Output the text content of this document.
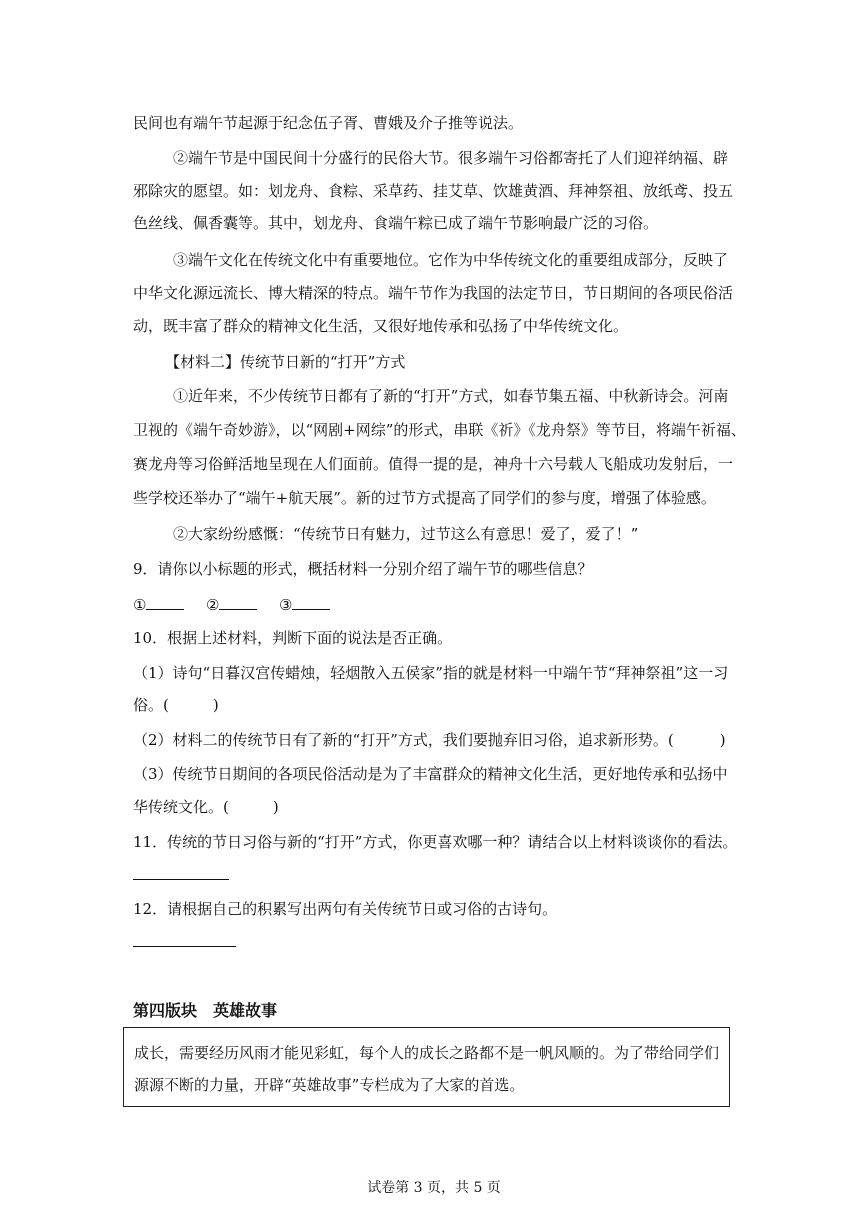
民间也有端午节起源于纪念伍子胥、曹娥及介子推等说法。
②端午节是中国民间十分盛行的民俗大节。很多端午习俗都寄托了人们迎祥纳福、辟
邪除灾的愿望。如：划龙舟、食粽、采草药、挂艾草、饮雄黄酒、拜神祭祖、放纸鸢、投五
色丝线、佩香囊等。其中，划龙舟、食端午粽已成了端午节影响最广泛的习俗。
③端午文化在传统文化中有重要地位。它作为中华传统文化的重要组成部分，反映了
中华文化源远流长、博大精深的特点。端午节作为我国的法定节日，节日期间的各项民俗活
动，既丰富了群众的精神文化生活，又很好地传承和弘扬了中华传统文化。
【材料二】传统节日新的“打开”方式
①近年来，不少传统节日都有了新的“打开”方式，如春节集五福、中秋新诗会。河南
卫视的《端午奇妙游》，以“网剧+网综”的形式，串联《祈》《龙舟祭》等节目，将端午祈福、
赛龙舟等习俗鲜活地呈现在人们面前。值得一提的是，神舟十六号载人飞船成功发射后，一
些学校还举办了“端午+航天展”。新的过节方式提高了同学们的参与度，增强了体验感。
②大家纷纷感慨：“传统节日有魅力，过节这么有意思！爱了，爱了！”
9．请你以小标题的形式，概括材料一分别介绍了端午节的哪些信息？
①	②	③
10．根据上述材料，判断下面的说法是否正确。
（1）诗句“日暮汉宫传蜡烛，轻烟散入五侯家”指的就是材料一中端午节“拜神祭祖”这一习
俗。(	)
（2）材料二的传统节日有了新的“打开”方式，我们要抛弃旧习俗，追求新形势。(	)
（3）传统节日期间的各项民俗活动是为了丰富群众的精神文化生活，更好地传承和弘扬中
华传统文化。(	)
11．传统的节日习俗与新的“打开”方式，你更喜欢哪一种？请结合以上材料谈谈你的看法。
12．请根据自己的积累写出两句有关传统节日或习俗的古诗句。
第四版块　英雄故事
成长，需要经历风雨才能见彩虹，每个人的成长之路都不是一帆风顺的。为了带给同学们
源源不断的力量，开辟“英雄故事”专栏成为了大家的首选。
试卷第 3 页，共 5 页
